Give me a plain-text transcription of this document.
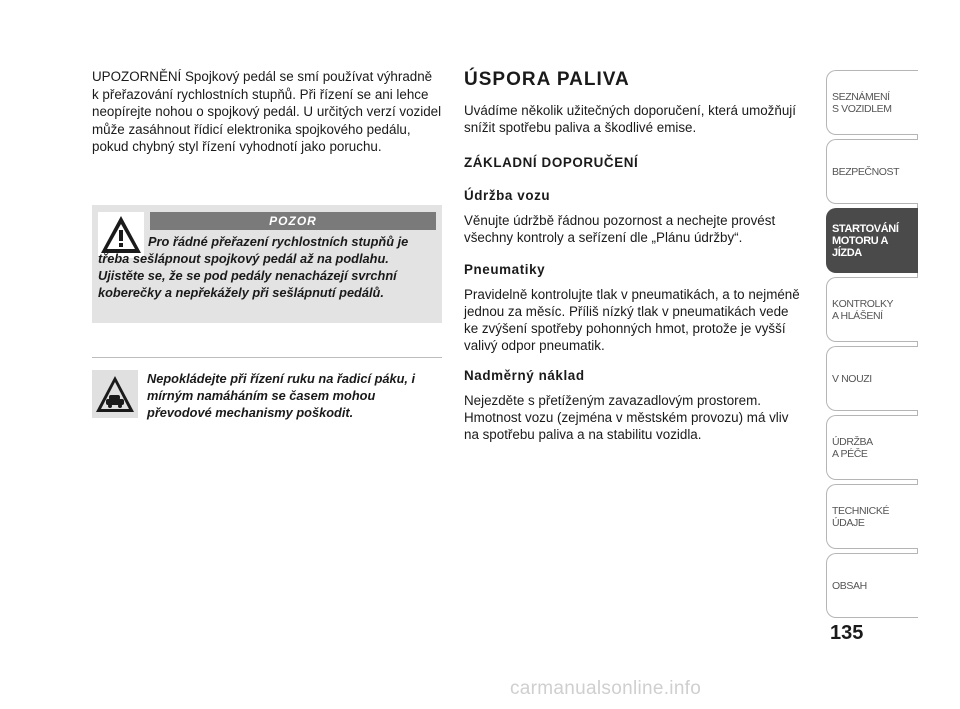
UPOZORNĚNÍ Spojkový pedál se smí používat výhradně k přeřazování rychlostních stupňů. Při řízení se ani lehce neopírejte nohou o spojkový pedál. U určitých verzí vozidel může zasáhnout řídicí elektronika spojkového pedálu, pokud chybný styl řízení vyhodnotí jako poruchu.

POZOR

Pro řádné přeřazení rychlostních stupňů je třeba sešlápnout spojkový pedál až na podlahu. Ujistěte se, že se pod pedály nenacházejí svrchní koberečky a nepřekážely při sešlápnutí pedálů.

Nepokládejte při řízení ruku na řadicí páku, i mírným namáháním se časem mohou převodové mechanismy poškodit.

ÚSPORA PALIVA

Uvádíme několik užitečných doporučení, která umožňují snížit spotřebu paliva a škodlivé emise.

ZÁKLADNÍ DOPORUČENÍ

Údržba vozu

Věnujte údržbě řádnou pozornost a nechejte provést všechny kontroly a seřízení dle „Plánu údržby“.

Pneumatiky

Pravidelně kontrolujte tlak v pneumatikách, a to nejméně jednou za měsíc. Příliš nízký tlak v pneumatikách vede ke zvýšení spotřeby pohonných hmot, protože je vyšší valivý odpor pneumatik.

Nadměrný náklad

Nejezděte s přetíženým zavazadlovým prostorem. Hmotnost vozu (zejména v městském provozu) má vliv na spotřebu paliva a na stabilitu vozidla.

SEZNÁMENÍ
S VOZIDLEM
BEZPEČNOST
STARTOVÁNÍ
MOTORU A JÍZDA
KONTROLKY
A HLÁŠENÍ
V NOUZI
ÚDRŽBA
A PÉČE
TECHNICKÉ
ÚDAJE
OBSAH

135

carmanualsonline.info
